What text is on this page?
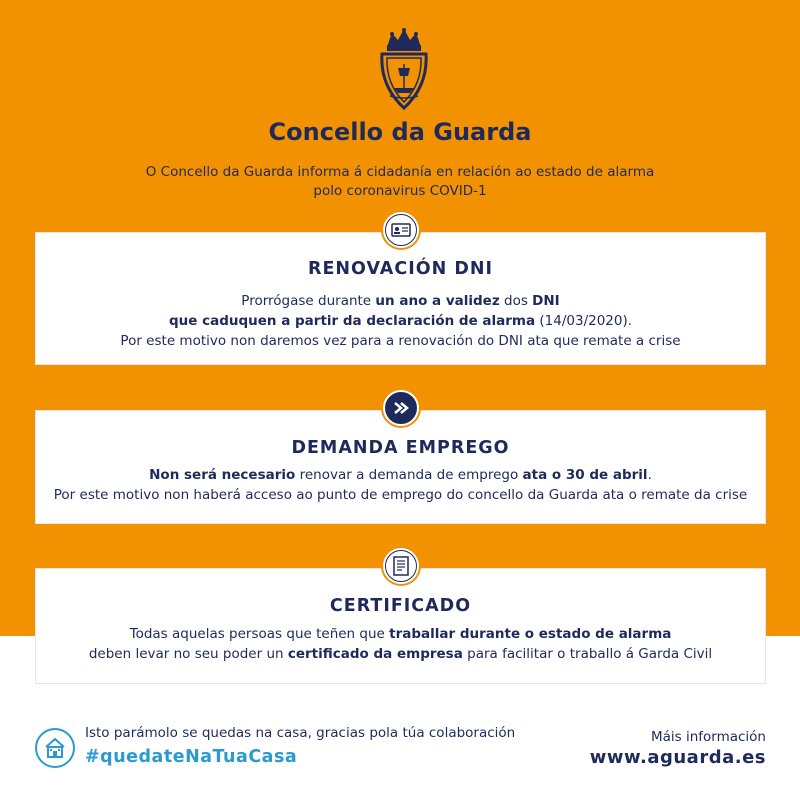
Concello da Guarda
O Concello da Guarda informa á cidadanía en relación ao estado de alarma
polo coronavirus COVID-1
RENOVACIÓN DNI
Prorrógase durante un ano a validez dos DNI
que caduquen a partir da declaración de alarma (14/03/2020).
Por este motivo non daremos vez para a renovación do DNI ata que remate a crise
DEMANDA EMPREGO
Non será necesario renovar a demanda de emprego ata o 30 de abril.
Por este motivo non haberá acceso ao punto de emprego do concello da Guarda ata o remate da crise
CERTIFICADO
Todas aquelas persoas que teñen que traballar durante o estado de alarma
deben levar no seu poder un certificado da empresa para facilitar o traballo á Garda Civil
Isto parámolo se quedas na casa, gracias pola túa colaboración
#quedateNaTuaCasa
Máis información
www.aguarda.es
